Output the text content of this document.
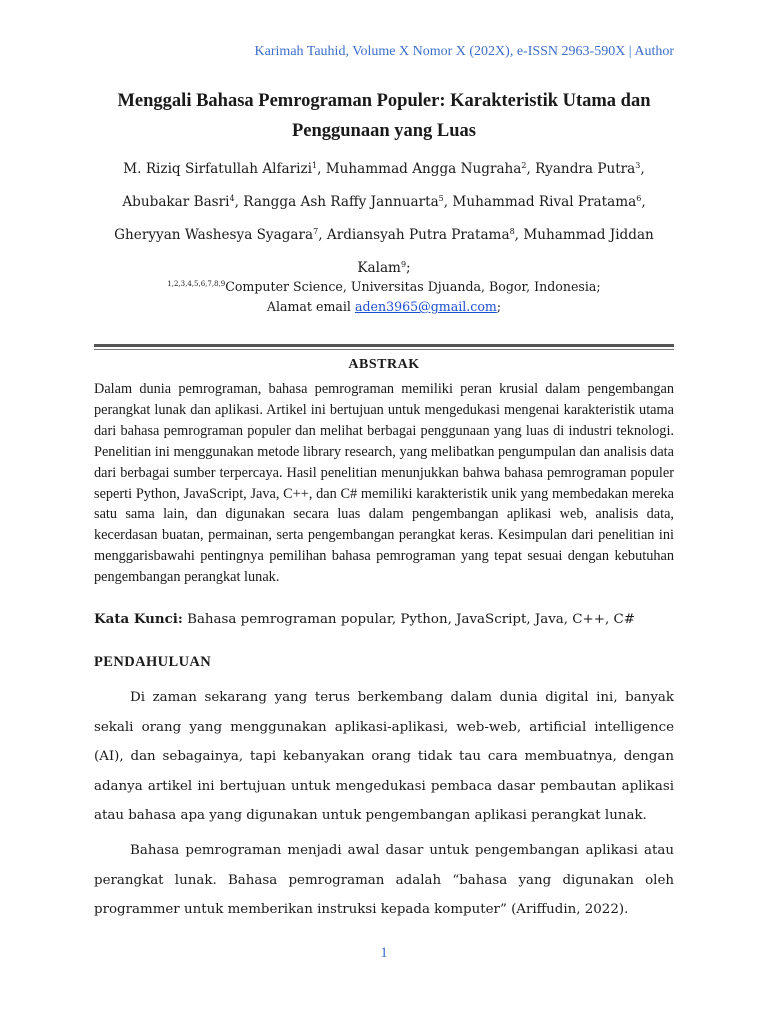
Karimah Tauhid, Volume X Nomor X (202X), e-ISSN 2963-590X | Author
Menggali Bahasa Pemrograman Populer: Karakteristik Utama dan Penggunaan yang Luas
M. Riziq Sirfatullah Alfarizi$^1$, Muhammad Angga Nugraha$^2$, Ryandra Putra$^3$,
Abubakar Basri$^4$, Rangga Ash Raffy Jannuarta$^5$, Muhammad Rival Pratama$^6$,
Gheryyan Washesya Syagara$^7$, Ardiansyah Putra Pratama$^8$, Muhammad Jiddan Kalam$^9$;
$^{1,2,3,4,5,6,7,8,9}$Computer Science, Universitas Djuanda, Bogor, Indonesia;
Alamat email aden3965@gmail.com;
ABSTRAK
Dalam dunia pemrograman, bahasa pemrograman memiliki peran krusial dalam pengembangan perangkat lunak dan aplikasi. Artikel ini bertujuan untuk mengedukasi mengenai karakteristik utama dari bahasa pemrograman populer dan melihat berbagai penggunaan yang luas di industri teknologi. Penelitian ini menggunakan metode library research, yang melibatkan pengumpulan dan analisis data dari berbagai sumber terpercaya. Hasil penelitian menunjukkan bahwa bahasa pemrograman populer seperti Python, JavaScript, Java, C++, dan C# memiliki karakteristik unik yang membedakan mereka satu sama lain, dan digunakan secara luas dalam pengembangan aplikasi web, analisis data, kecerdasan buatan, permainan, serta pengembangan perangkat keras. Kesimpulan dari penelitian ini menggarisbawahi pentingnya pemilihan bahasa pemrograman yang tepat sesuai dengan kebutuhan pengembangan perangkat lunak.
Kata Kunci: Bahasa pemrograman popular, Python, JavaScript, Java, C++, C#
PENDAHULUAN
Di zaman sekarang yang terus berkembang dalam dunia digital ini, banyak sekali orang yang menggunakan aplikasi-aplikasi, web-web, artificial intelligence (AI), dan sebagainya, tapi kebanyakan orang tidak tau cara membuatnya, dengan adanya artikel ini bertujuan untuk mengedukasi pembaca dasar pembautan aplikasi atau bahasa apa yang digunakan untuk pengembangan aplikasi perangkat lunak.
Bahasa pemrograman menjadi awal dasar untuk pengembangan aplikasi atau perangkat lunak. Bahasa pemrograman adalah “bahasa yang digunakan oleh programmer untuk memberikan instruksi kepada komputer” (Ariffudin, 2022).
1
